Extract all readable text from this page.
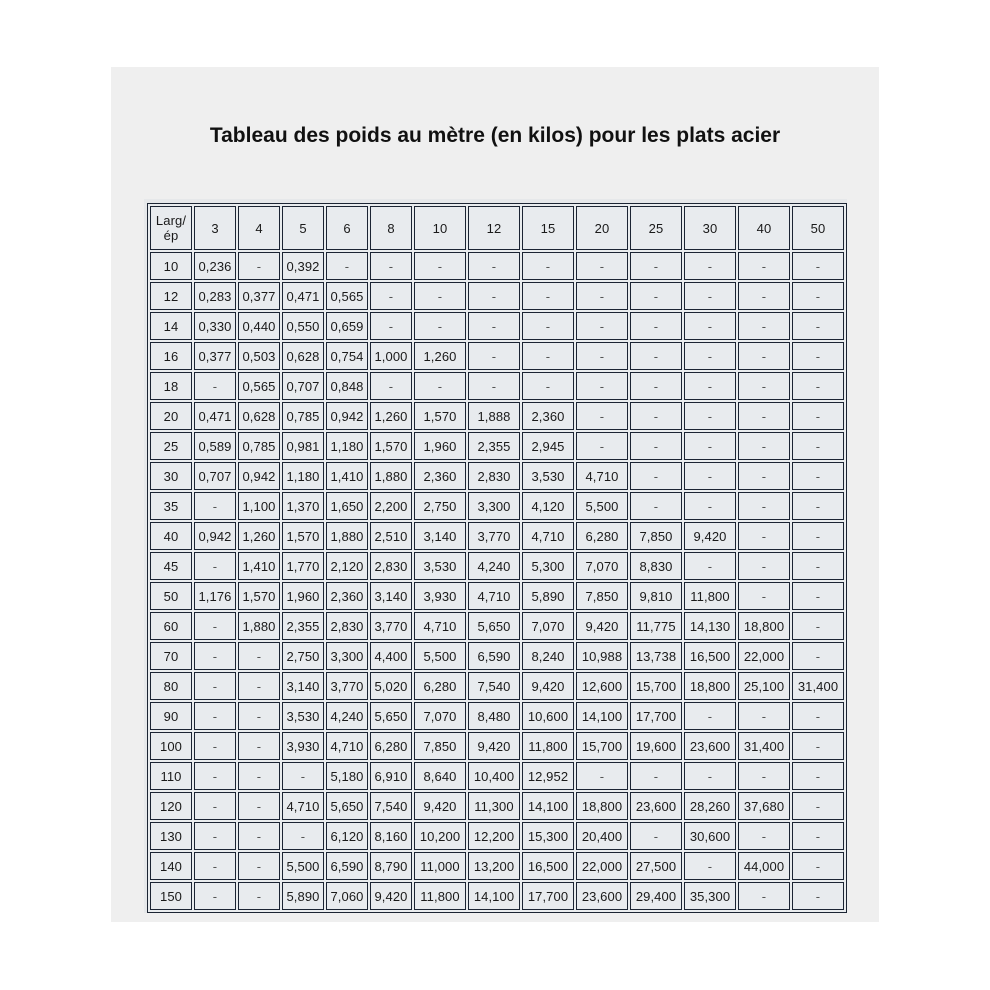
Tableau des poids au mètre (en kilos) pour les plats acier
Larg/
ép	3	4	5	6	8	10	12	15	20	25	30	40	50
10	0,236	-	0,392	-	-	-	-	-	-	-	-	-	-
12	0,283	0,377	0,471	0,565	-	-	-	-	-	-	-	-	-
14	0,330	0,440	0,550	0,659	-	-	-	-	-	-	-	-	-
16	0,377	0,503	0,628	0,754	1,000	1,260	-	-	-	-	-	-	-
18	-	0,565	0,707	0,848	-	-	-	-	-	-	-	-	-
20	0,471	0,628	0,785	0,942	1,260	1,570	1,888	2,360	-	-	-	-	-
25	0,589	0,785	0,981	1,180	1,570	1,960	2,355	2,945	-	-	-	-	-
30	0,707	0,942	1,180	1,410	1,880	2,360	2,830	3,530	4,710	-	-	-	-
35	-	1,100	1,370	1,650	2,200	2,750	3,300	4,120	5,500	-	-	-	-
40	0,942	1,260	1,570	1,880	2,510	3,140	3,770	4,710	6,280	7,850	9,420	-	-
45	-	1,410	1,770	2,120	2,830	3,530	4,240	5,300	7,070	8,830	-	-	-
50	1,176	1,570	1,960	2,360	3,140	3,930	4,710	5,890	7,850	9,810	11,800	-	-
60	-	1,880	2,355	2,830	3,770	4,710	5,650	7,070	9,420	11,775	14,130	18,800	-
70	-	-	2,750	3,300	4,400	5,500	6,590	8,240	10,988	13,738	16,500	22,000	-
80	-	-	3,140	3,770	5,020	6,280	7,540	9,420	12,600	15,700	18,800	25,100	31,400
90	-	-	3,530	4,240	5,650	7,070	8,480	10,600	14,100	17,700	-	-	-
100	-	-	3,930	4,710	6,280	7,850	9,420	11,800	15,700	19,600	23,600	31,400	-
110	-	-	-	5,180	6,910	8,640	10,400	12,952	-	-	-	-	-
120	-	-	4,710	5,650	7,540	9,420	11,300	14,100	18,800	23,600	28,260	37,680	-
130	-	-	-	6,120	8,160	10,200	12,200	15,300	20,400	-	30,600	-	-
140	-	-	5,500	6,590	8,790	11,000	13,200	16,500	22,000	27,500	-	44,000	-
150	-	-	5,890	7,060	9,420	11,800	14,100	17,700	23,600	29,400	35,300	-	-
